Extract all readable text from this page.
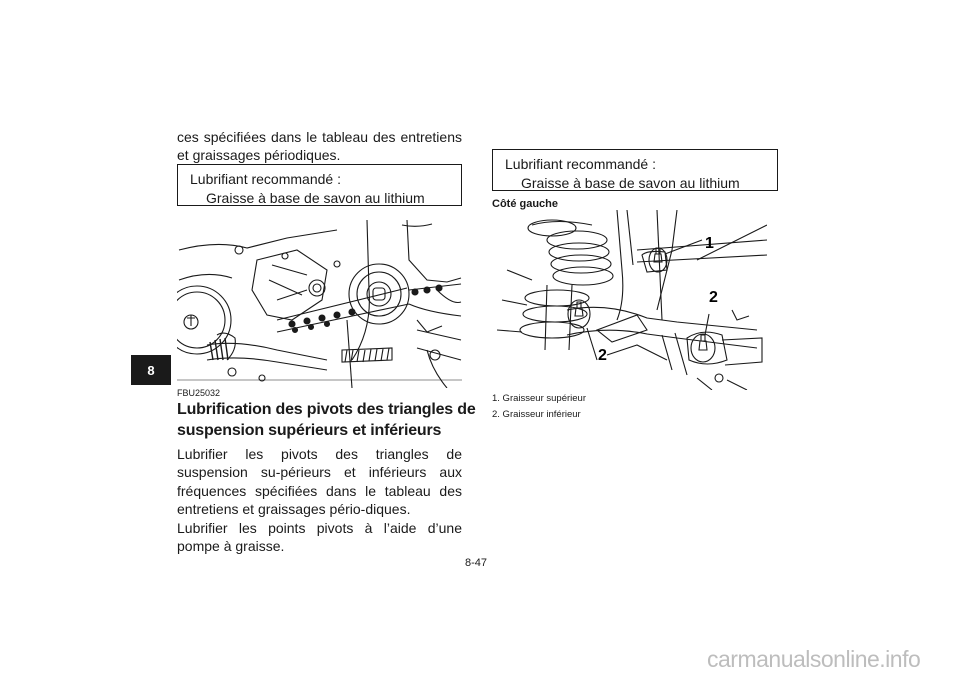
8

ces spécifiées dans le tableau des entretiens et graissages périodiques.

Lubrifiant recommandé :
Graisse à base de savon au lithium
FBU25032
Lubrification des pivots des triangles de suspension supérieurs et inférieurs

Lubrifier les pivots des triangles de suspension su-périeurs et inférieurs aux fréquences spécifiées dans le tableau des entretiens et graissages pério-diques.

Lubrifier les points pivots à l’aide d’une pompe à graisse.

Lubrifiant recommandé :
Graisse à base de savon au lithium
Côté gauche
1
2
2
1. Graisseur supérieur
2. Graisseur inférieur
8-47
carmanualsonline.info
